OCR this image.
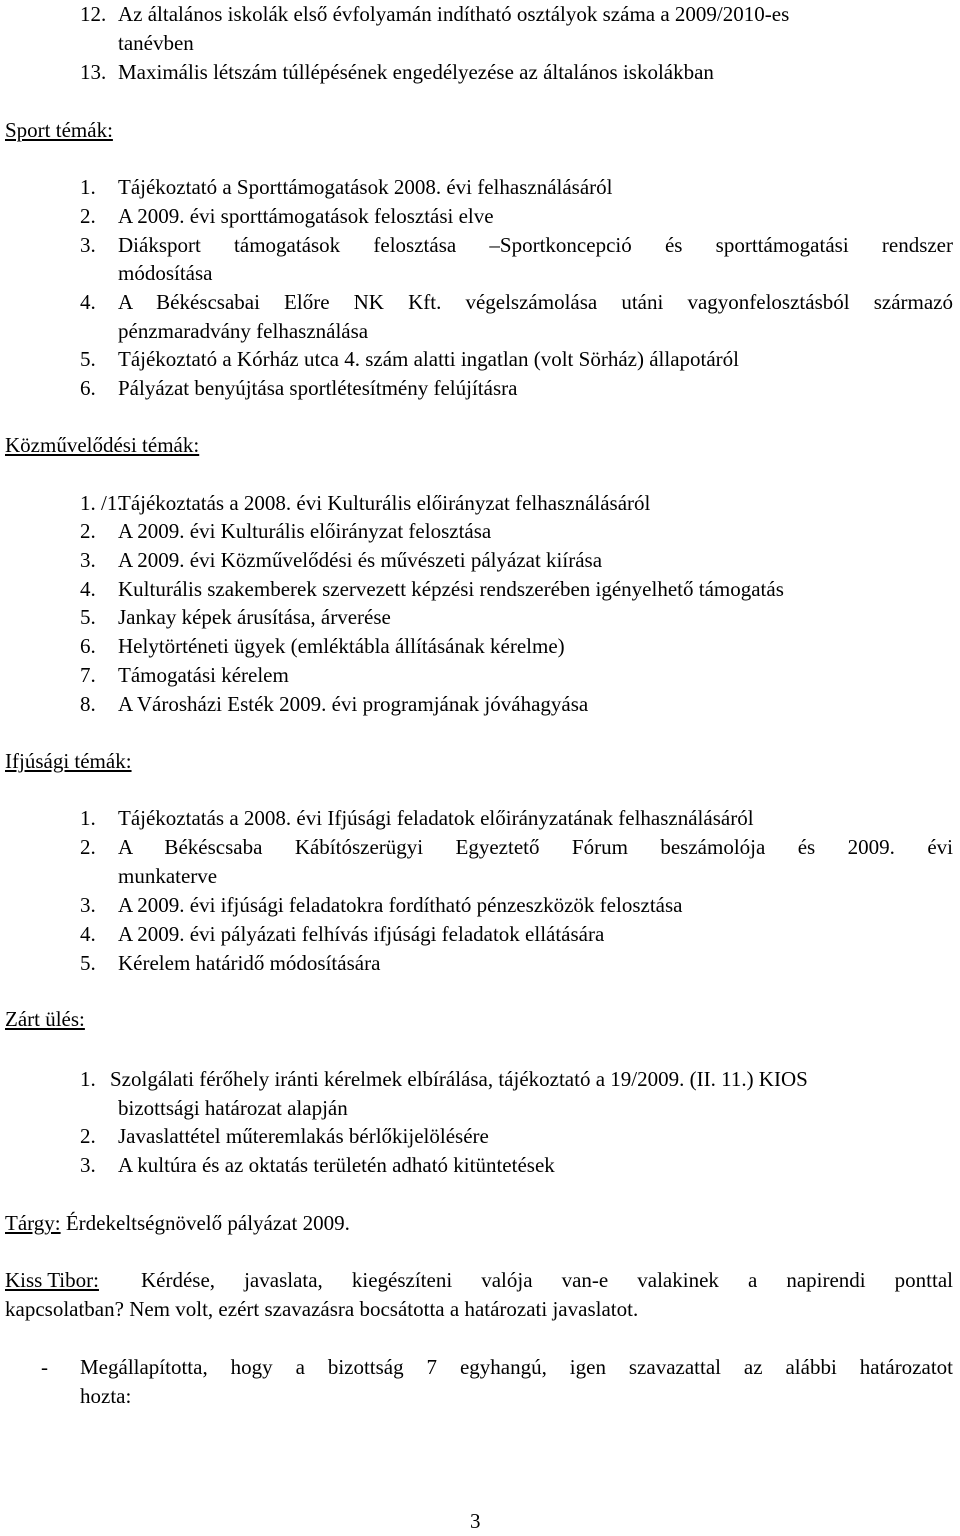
12. Az általános iskolák első évfolyamán indítható osztályok száma a 2009/2010-es
tanévben
13. Maximális létszám túllépésének engedélyezése az általános iskolákban
Sport témák:
1. Tájékoztató a Sporttámogatások 2008. évi felhasználásáról
2. A 2009. évi sporttámogatások felosztási elve
3. Diáksport támogatások felosztása –Sportkoncepció és sporttámogatási rendszer
módosítása
4. A Békéscsabai Előre NK Kft. végelszámolása utáni vagyonfelosztásból származó
pénzmaradvány felhasználása
5. Tájékoztató a Kórház utca 4. szám alatti ingatlan (volt Sörház) állapotáról
6. Pályázat benyújtása sportlétesítmény felújításra
Közművelődési témák:
1. /1.
Tájékoztatás a 2008. évi Kulturális előirányzat felhasználásáról
2. A 2009. évi Kulturális előirányzat felosztása
3. A 2009. évi Közművelődési és művészeti pályázat kiírása
4. Kulturális szakemberek szervezett képzési rendszerében igényelhető támogatás
5. Jankay képek árusítása, árverése
6. Helytörténeti ügyek (emléktábla állításának kérelme)
7. Támogatási kérelem
8. A Városházi Esték 2009. évi programjának jóváhagyása
Ifjúsági témák:
1. Tájékoztatás a 2008. évi Ifjúsági feladatok előirányzatának felhasználásáról
2. A Békéscsaba Kábítószerügyi Egyeztető Fórum beszámolója és 2009. évi
munkaterve
3. A 2009. évi ifjúsági feladatokra fordítható pénzeszközök felosztása
4. A 2009. évi pályázati felhívás ifjúsági feladatok ellátására
5. Kérelem határidő módosítására
Zárt ülés:
1. Szolgálati férőhely iránti kérelmek elbírálása, tájékoztató a 19/2009. (II. 11.) KIOS
bizottsági határozat alapján
2. Javaslattétel műteremlakás bérlőkijelölésére
3. A kultúra és az oktatás területén adható kitüntetések
Tárgy: Érdekeltségnövelő pályázat 2009.
Kiss Tibor: Kérdése, javaslata, kiegészíteni valója van-e valakinek a napirendi ponttal
kapcsolatban? Nem volt, ezért szavazásra bocsátotta a határozati javaslatot.
- Megállapította, hogy a bizottság 7 egyhangú, igen szavazattal az alábbi határozatot
hozta:
3
